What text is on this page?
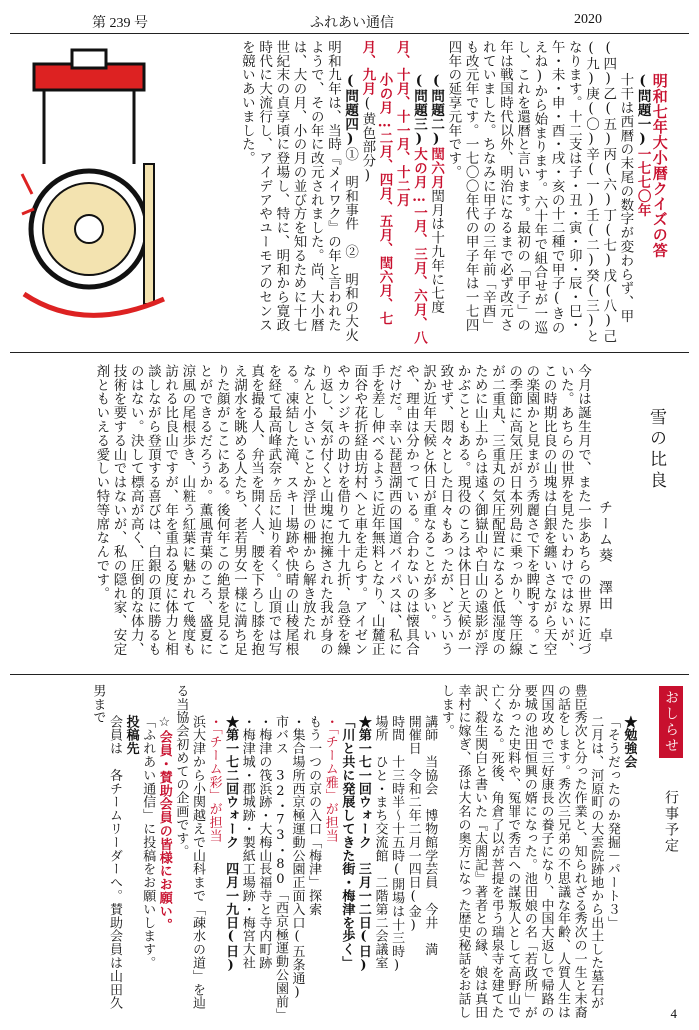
第 239 号	ふれあい通信	2020

明和七年大小暦クイズの答
(問題一)一七七〇年
十干は西暦の末尾の数字が変わらず、甲(四)乙(五)丙(六)丁(七)戊(八)己(九)庚(〇)辛(一)壬(二)癸(三)となります。十二支は子・丑・寅・卯・辰・巳・午・未・申・酉・戌・亥の十二種で甲子(きのえね)から始まります。六十年で組合せが一巡し、これを還暦と言います。最初の「甲子」の年は戦国時代以外、明治になるまで必ず改元されていました。ちなみに甲子の三年前「辛酉」も改元年です。一七〇〇年代の甲子年は一七四四年の延享元年です。
(問題二)閏六月閏月は十九年に七度
(問題三)大の月…一月、三月、六月、八月、十月、十一月、十二月
小の月…二月、四月、五月、閏六月、七月、九月(黄色部分)
(問題四)①　明和事件　②　明和の大火　明和九年は、当時『メイワク』の年と言われたようで、その年に改元されました。尚、大小暦は、大の月、小の月の並び方を知るために十七世紀末の貞享頃に登場し、特に、明和から寛政時代に大流行し、アイデアやユーモアのセンスを競いあいました。

雪の比良
チーム葵　澤田　卓
今月は誕生月で、また一歩あちらの世界に近づいた。あちらの世界を見たいわけではないが、この時期比良の山塊は白銀を纏いさながら天空の楽園かと見まがう秀麗さで下を睥睨する。この季節に高気圧が日本列島に乗っかり、等圧線が二重丸、三重丸の気圧配置になると低湿度のために山上からは遠く御嶽山や白山の遠影が浮かぶこともある。現役のころは休日と天候が一致せず、悶々とした日々もあったが、どういう訳か近年天候と休日が重なることが多い。いや、理由は分かっている。合わないのは懐具合だけだ。幸い琵琶湖西の国道バイパスは、私に手を差し伸べるように近年無料となり、山麓正面谷や花折経由坊村へと車を走らす。アイゼンやカンジキの助けを借りて九十九折、急登を繰り返し、気が付くと山塊に抱擁された我が身のなんと小さいことか浮世の柵から解き放たれる。凍結した滝、スキー場跡や快晴の山稜尾根を経て最高峰武奈ヶ岳に辿り着く。山頂では写真を撮る人、弁当を開く人、腰を下ろし膝を抱え湖水を眺める人たち、老若男女一様に満ち足りた顔がここにある。後何年この絶景を見ることができるだろうか。薫風青葉のころ、盛夏に涼風の尾根歩き、山粧う紅葉に魅かれて幾度も訪れる比良山ですが、年を重ねる度に体力と相談しながら登頂する喜びは、白銀の頂に勝るものはない。決して標高が高く、圧倒的な体力、技術を要する山ではないが、私の隠れ家、安定剤ともいえる愛しい特等席なんです。
おしらせ
行事予定

★勉強会
「そうだったのか発掘－パート３」
二月は、河原町の大雲院跡地から出土した墓石が豊臣秀次と分った作業と、知られざる秀次の一生と末裔の話をします。秀次三兄弟の不思議な年齢、人質人生は四国攻めで三好康長の養子になり、中国大返しで帰路の要城の池田恒興の婿になった。池田娘の名「若政所」が分かった史料や、冤罪で秀吉への謀叛人として高野山で亡くなる。死後、角倉了以が菩提を弔う瑞泉寺を建てた訳、殺生関白と書いた『太閤記』著者との縁、娘は真田幸村に嫁ぎ、孫は大名の奥方になった歴史秘話をお話しします。
講師　当協会　博物館学芸員　今井　満
開催日　令和二年二月一四日(金)
時間　十三時半～十五時(開場は十三時)
場所　ひと・まち交流館　二階第二会議室
★第一七一回ウォーク　三月一二日(日)
「川と共に発展してきた街・梅津を歩く」
・「チーム雅」が担当
もう一つの京の入口「梅津」探索
・集合場所西京極運動公園正面入口(五条通)
市バス　32・73・80「西京極運動公園前」
・梅津の筏浜跡・大梅山長福寺と寺内町跡
・梅津城・郡城跡・製紙工場跡・梅宮大社
★第一七二回ウォーク　四月一九日(日)
・「チーム彩」が担当
浜大津から小関越えで山科まで「疎水の道」を辿る当協会初めての企画です。
☆会員・賛助会員の皆様にお願い。
「ふれあい通信」に投稿をお願いします。
投稿先
会員は　各チームリーダーへ。賛助会員は山田久男まで

4
